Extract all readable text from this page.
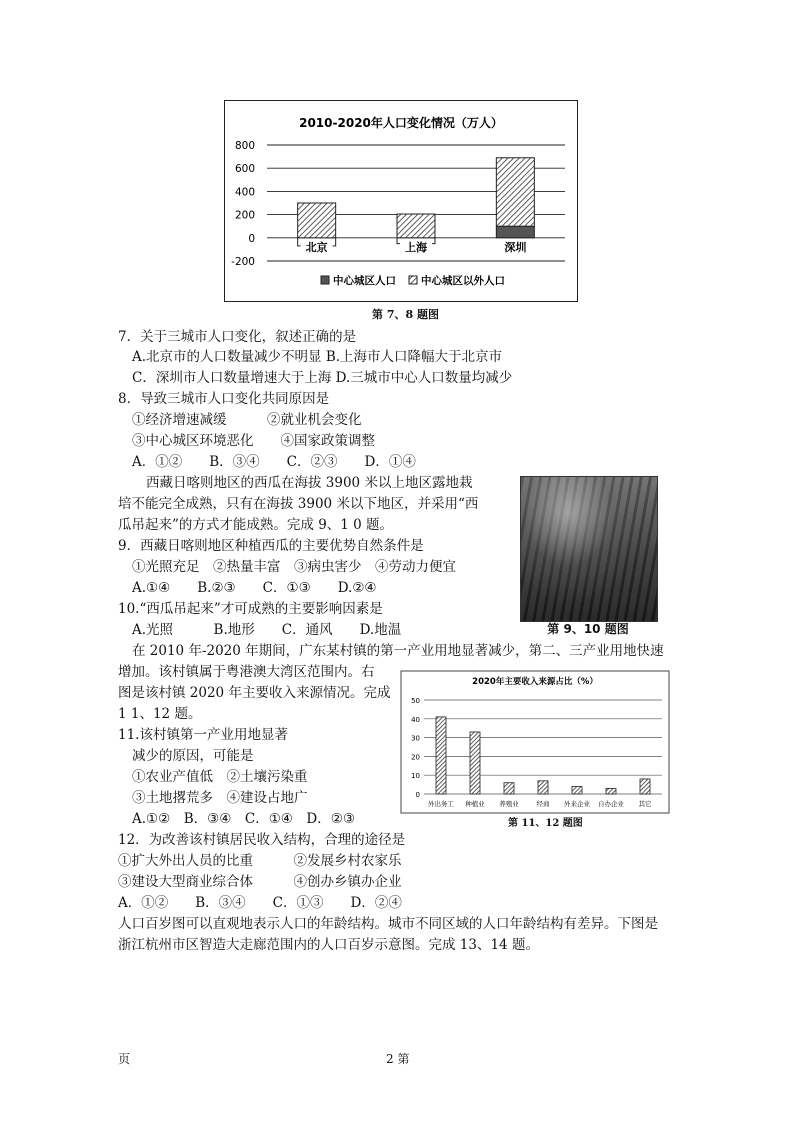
2010-2020年人口变化情况（万人）
-200
0
200
400
600
800
北京	上海	深圳
中心城区人口 中心城区以外人口
第 7、8 题图
7．关于三城市人口变化，叙述正确的是
A.北京市的人口数量减少不明显 B.上海市人口降幅大于北京市
C．深圳市人口数量增速大于上海 D.三城市中心人口数量均减少
8．导致三城市人口变化共同原因是
①经济增速减缓　　　②就业机会变化
③中心城区环境恶化　　④国家政策调整
A．①②　　B．③④　　C．②③　　D．①④
西藏日喀则地区的西瓜在海拔 3900 米以上地区露地栽
培不能完全成熟，只有在海拔 3900 米以下地区，并采用“西
瓜吊起来”的方式才能成熟。完成 9、1 0 题。
第 9、10 题图
9．西藏日喀则地区种植西瓜的主要优势自然条件是
①光照充足　②热量丰富　③病虫害少　④劳动力便宜
A.①④　　B.②③　　C．①③　　D.②④
10.“西瓜吊起来”才可成熟的主要影响因素是
A.光照　　　B.地形　　C．通风　　D.地温
在 2010 年-2020 年期间，广东某村镇的第一产业用地显著减少，第二、三产业用地快速
增加。该村镇属于粤港澳大湾区范围内。右
图是该村镇 2020 年主要收入来源情况。完成
1 1、12 题。
2020年主要收入来源占比（%）
0
10
20
30
40
50
外出务工 种植业 养殖业	经商 外来企业 自办企业 其它
第 11、12 题图
11.该村镇第一产业用地显著
减少的原因，可能是
①农业产值低　②土壤污染重
③土地撂荒多　④建设占地广
A.①②　B．③④　C．①④　D．②③
12．为改善该村镇居民收入结构，合理的途径是
①扩大外出人员的比重　　　②发展乡村农家乐
③建设大型商业综合体　　　④创办乡镇办企业
A．①②　　B．③④　　C．①③　　D．②④
人口百岁图可以直观地表示人口的年龄结构。城市不同区域的人口年龄结构有差异。下图是
浙江杭州市区智造大走廊范围内的人口百岁示意图。完成 13、14 题。
页	2 第
